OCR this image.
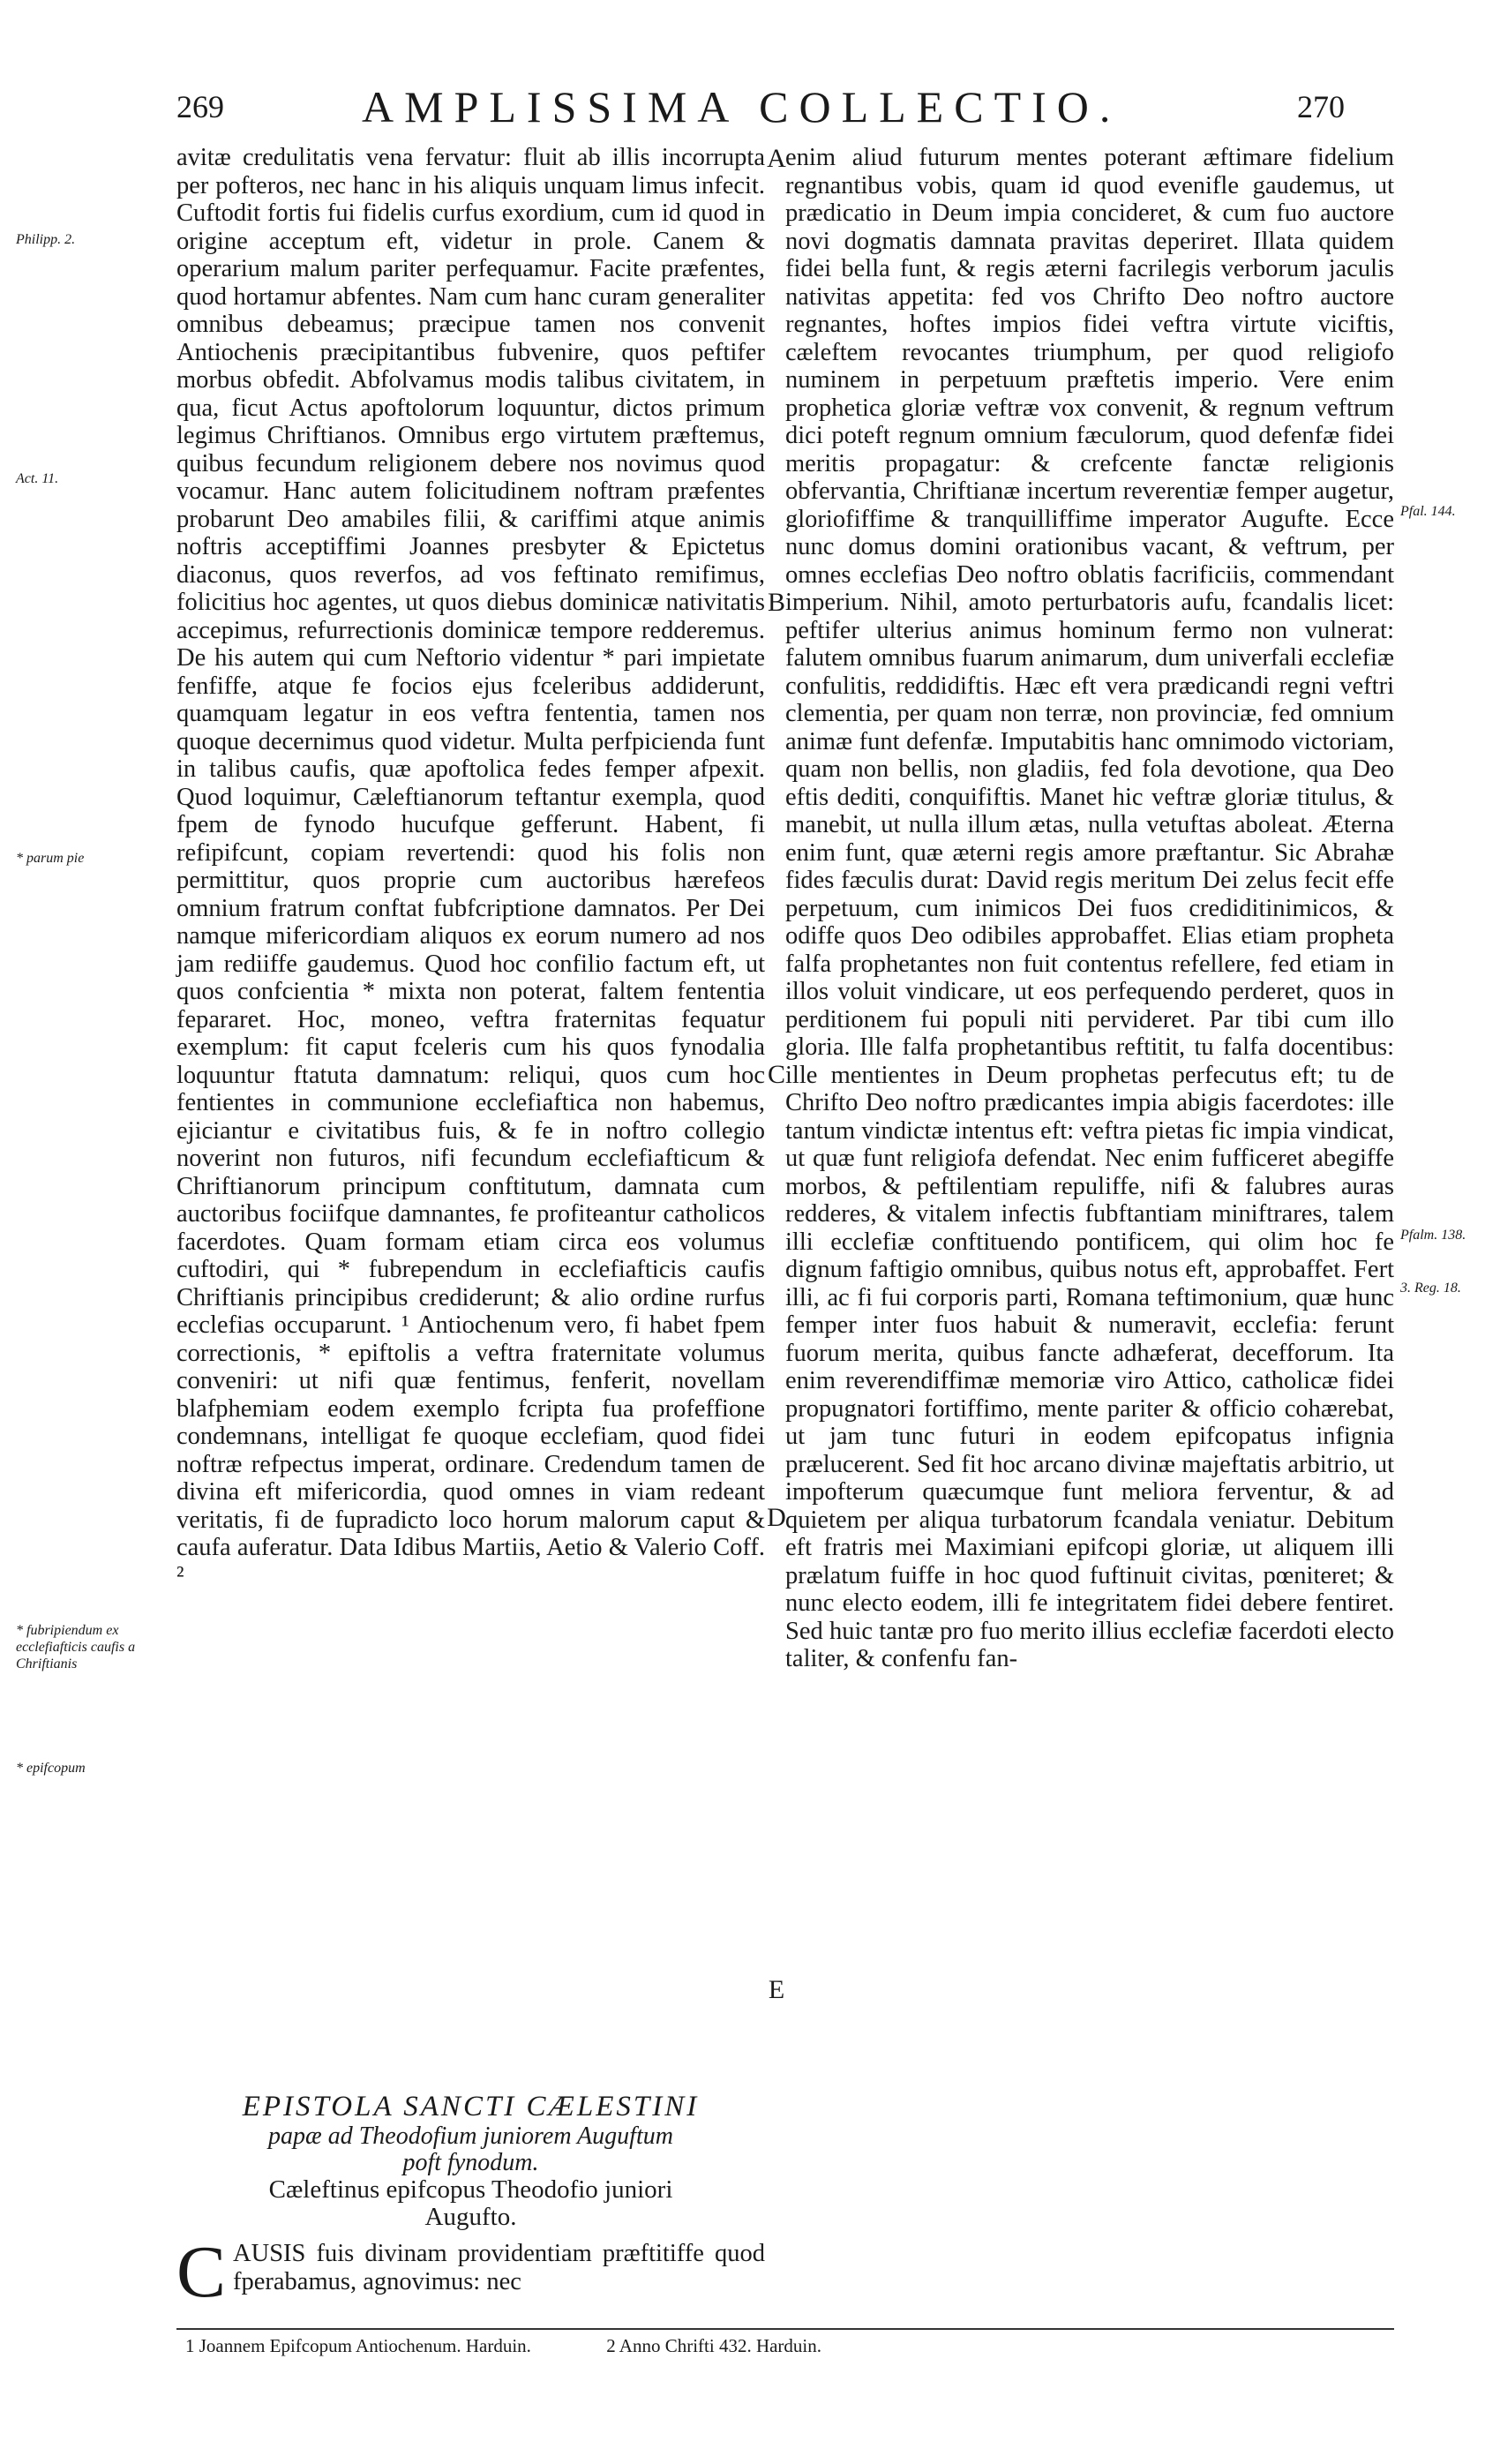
269	AMPLISSIMA COLLECTIO.	270

avitæ credulitatis vena fervatur: fluit ab illis incorrupta per pofteros, nec hanc in his aliquis unquam limus infecit. Cuftodit fortis fui fidelis curfus exordium, cum id quod in origine acceptum eft, videtur in prole. Canem & operarium malum pariter perfequamur. Facite præfentes, quod hortamur abfentes. Nam cum hanc curam generaliter omnibus debeamus; præcipue tamen nos convenit Antiochenis præcipitantibus fubvenire, quos peftifer morbus obfedit. Abfolvamus modis talibus civitatem, in qua, ficut Actus apoftolorum loquuntur, dictos primum legimus Chriftianos. Omnibus ergo virtutem præftemus, quibus fecundum religionem debere nos novimus quod vocamur. Hanc autem folicitudinem noftram præfentes probarunt Deo amabiles filii, & cariffimi atque animis noftris acceptiffimi Joannes presbyter & Epictetus diaconus, quos reverfos, ad vos feftinato remifimus, folicitius hoc agentes, ut quos diebus dominicæ nativitatis accepimus, refurrectionis dominicæ tempore redderemus. De his autem qui cum Neftorio videntur * pari impietate fenfiffe, atque fe focios ejus fceleribus addiderunt, quamquam legatur in eos veftra fententia, tamen nos quoque decernimus quod videtur. Multa perfpicienda funt in talibus caufis, quæ apoftolica fedes femper afpexit. Quod loquimur, Cæleftianorum teftantur exempla, quod fpem de fynodo hucufque gefferunt. Habent, fi refipifcunt, copiam revertendi: quod his folis non permittitur, quos proprie cum auctoribus hærefeos omnium fratrum conftat fubfcriptione damnatos. Per Dei namque mifericordiam aliquos ex eorum numero ad nos jam rediiffe gaudemus. Quod hoc confilio factum eft, ut quos confcientia * mixta non poterat, faltem fententia fepararet. Hoc, moneo, veftra fraternitas fequatur exemplum: fit caput fceleris cum his quos fynodalia loquuntur ftatuta damnatum: reliqui, quos cum hoc fentientes in communione ecclefiaftica non habemus, ejiciantur e civitatibus fuis, & fe in noftro collegio noverint non futuros, nifi fecundum ecclefiafticum & Chriftianorum principum conftitutum, damnata cum auctoribus fociifque damnantes, fe profiteantur catholicos facerdotes. Quam formam etiam circa eos volumus cuftodiri, qui * fubrependum in ecclefiafticis caufis Chriftianis principibus crediderunt; & alio ordine rurfus ecclefias occuparunt. ¹ Antiochenum vero, fi habet fpem correctionis, * epiftolis a veftra fraternitate volumus conveniri: ut nifi quæ fentimus, fenferit, novellam blafphemiam eodem exemplo fcripta fua profeffione condemnans, intelligat fe quoque ecclefiam, quod fidei noftræ refpectus imperat, ordinare. Credendum tamen de divina eft mifericordia, quod omnes in viam redeant veritatis, fi de fupradicto loco horum malorum caput & caufa auferatur. Data Idibus Martiis, Aetio & Valerio Coff. ²

enim aliud futurum mentes poterant æftimare fidelium regnantibus vobis, quam id quod evenifle gaudemus, ut prædicatio in Deum impia concideret, & cum fuo auctore novi dogmatis damnata pravitas deperiret. Illata quidem fidei bella funt, & regis æterni facrilegis verborum jaculis nativitas appetita: fed vos Chrifto Deo noftro auctore regnantes, hoftes impios fidei veftra virtute viciftis, cæleftem revocantes triumphum, per quod religiofo numinem in perpetuum præftetis imperio. Vere enim prophetica gloriæ veftræ vox convenit, & regnum veftrum dici poteft regnum omnium fæculorum, quod defenfæ fidei meritis propagatur: & crefcente fanctæ religionis obfervantia, Chriftianæ incertum reverentiæ femper augetur, gloriofiffime & tranquilliffime imperator Augufte. Ecce nunc domus domini orationibus vacant, & veftrum, per omnes ecclefias Deo noftro oblatis facrificiis, commendant imperium. Nihil, amoto perturbatoris aufu, fcandalis licet: peftifer ulterius animus hominum fermo non vulnerat: falutem omnibus fuarum animarum, dum univerfali ecclefiæ confulitis, reddidiftis. Hæc eft vera prædicandi regni veftri clementia, per quam non terræ, non provinciæ, fed omnium animæ funt defenfæ. Imputabitis hanc omnimodo victoriam, quam non bellis, non gladiis, fed fola devotione, qua Deo eftis dediti, conquififtis. Manet hic veftræ gloriæ titulus, & manebit, ut nulla illum ætas, nulla vetuftas aboleat. Æterna enim funt, quæ æterni regis amore præftantur. Sic Abrahæ fides fæculis durat: David regis meritum Dei zelus fecit effe perpetuum, cum inimicos Dei fuos crediditinimicos, & odiffe quos Deo odibiles approbaffet. Elias etiam propheta falfa prophetantes non fuit contentus refellere, fed etiam in illos voluit vindicare, ut eos perfequendo perderet, quos in perditionem fui populi niti pervideret. Par tibi cum illo gloria. Ille falfa prophetantibus reftitit, tu falfa docentibus: ille mentientes in Deum prophetas perfecutus eft; tu de Chrifto Deo noftro prædicantes impia abigis facerdotes: ille tantum vindictæ intentus eft: veftra pietas fic impia vindicat, ut quæ funt religiofa defendat. Nec enim fufficeret abegiffe morbos, & peftilentiam repuliffe, nifi & falubres auras redderes, & vitalem infectis fubftantiam miniftrares, talem illi ecclefiæ conftituendo pontificem, qui olim hoc fe dignum faftigio omnibus, quibus notus eft, approbaffet. Fert illi, ac fi fui corporis parti, Romana teftimonium, quæ hunc femper inter fuos habuit & numeravit, ecclefia: ferunt fuorum merita, quibus fancte adhæferat, decefforum. Ita enim reverendiffimæ memoriæ viro Attico, catholicæ fidei propugnatori fortiffimo, mente pariter & officio cohærebat, ut jam tunc futuri in eodem epifcopatus infignia prælucerent. Sed fit hoc arcano divinæ majeftatis arbitrio, ut impofterum quæcumque funt meliora ferventur, & ad quietem per aliqua turbatorum fcandala veniatur. Debitum eft fratris mei Maximiani epifcopi gloriæ, ut aliquem illi prælatum fuiffe in hoc quod fuftinuit civitas, pœniteret; & nunc electo eodem, illi fe integritatem fidei debere fentiret. Sed huic tantæ pro fuo merito illius ecclefiæ facerdoti electo taliter, & confenfu fan-

A
B
C
D
E
Philipp. 2.
Act. 11.
* parum pie
* fubripiendum ex ecclefiafticis caufis a Chriftianis
* epifcopum
Pfal. 144.
Pfalm. 138.
3. Reg. 18.
EPISTOLA SANCTI CÆLESTINI
papæ ad Theodofium juniorem Auguftum
poft fynodum.
Cæleftinus epifcopus Theodofio juniori
Augufto.
C AUSIS fuis divinam providentiam præftitiffe quod fperabamus, agnovimus: nec
1 Joannem Epifcopum Antiochenum. Harduin.	2 Anno Chrifti 432. Harduin.
